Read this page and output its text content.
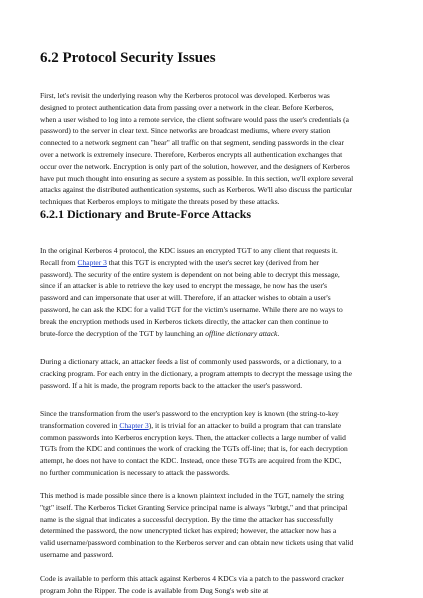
6.2 Protocol Security Issues
First, let's revisit the underlying reason why the Kerberos protocol was developed. Kerberos was
designed to protect authentication data from passing over a network in the clear. Before Kerberos,
when a user wished to log into a remote service, the client software would pass the user's credentials (a
password) to the server in clear text. Since networks are broadcast mediums, where every station
connected to a network segment can "hear" all traffic on that segment, sending passwords in the clear
over a network is extremely insecure. Therefore, Kerberos encrypts all authentication exchanges that
occur over the network. Encryption is only part of the solution, however, and the designers of Kerberos
have put much thought into ensuring as secure a system as possible. In this section, we'll explore several
attacks against the distributed authentication systems, such as Kerberos. We'll also discuss the particular
techniques that Kerberos employs to mitigate the threats posed by these attacks.
6.2.1 Dictionary and Brute-Force Attacks
In the original Kerberos 4 protocol, the KDC issues an encrypted TGT to any client that requests it.
Recall from Chapter 3 that this TGT is encrypted with the user's secret key (derived from her
password). The security of the entire system is dependent on not being able to decrypt this message,
since if an attacker is able to retrieve the key used to encrypt the message, he now has the user's
password and can impersonate that user at will. Therefore, if an attacker wishes to obtain a user's
password, he can ask the KDC for a valid TGT for the victim's username. While there are no ways to
break the encryption methods used in Kerberos tickets directly, the attacker can then continue to
brute-force the decryption of the TGT by launching an offline dictionary attack.
During a dictionary attack, an attacker feeds a list of commonly used passwords, or a dictionary, to a
cracking program. For each entry in the dictionary, a program attempts to decrypt the message using the
password. If a hit is made, the program reports back to the attacker the user's password.
Since the transformation from the user's password to the encryption key is known (the string-to-key
transformation covered in Chapter 3), it is trivial for an attacker to build a program that can translate
common passwords into Kerberos encryption keys. Then, the attacker collects a large number of valid
TGTs from the KDC and continues the work of cracking the TGTs off-line; that is, for each decryption
attempt, he does not have to contact the KDC. Instead, once these TGTs are acquired from the KDC,
no further communication is necessary to attack the passwords.
This method is made possible since there is a known plaintext included in the TGT, namely the string
"tgt" itself. The Kerberos Ticket Granting Service principal name is always "krbtgt," and that principal
name is the signal that indicates a successful decryption. By the time the attacker has successfully
determined the password, the now unencrypted ticket has expired; however, the attacker now has a
valid username/password combination to the Kerberos server and can obtain new tickets using that valid
username and password.
Code is available to perform this attack against Kerberos 4 KDCs via a patch to the password cracker
program John the Ripper. The code is available from Dug Song's web site at
